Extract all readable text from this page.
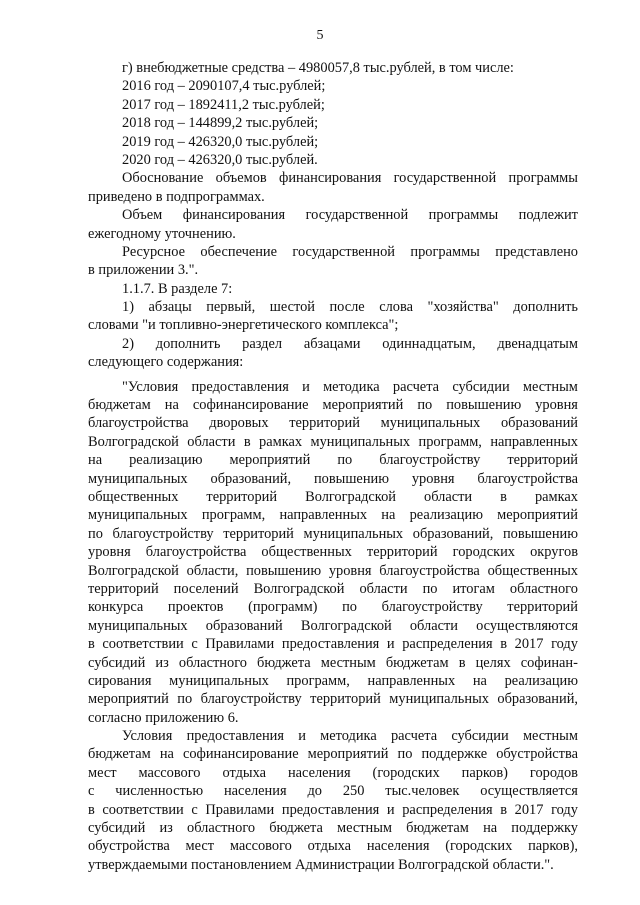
5
г) внебюджетные средства – 4980057,8 тыс.рублей, в том числе:
2016 год – 2090107,4 тыс.рублей;
2017 год – 1892411,2 тыс.рублей;
2018 год – 144899,2 тыс.рублей;
2019 год – 426320,0 тыс.рублей;
2020 год – 426320,0 тыс.рублей.
Обоснование объемов финансирования государственной программы
приведено в подпрограммах.
Объем финансирования государственной программы подлежит
ежегодному уточнению.
Ресурсное обеспечение государственной программы представлено
в приложении 3.".
1.1.7. В разделе 7:
1) абзацы первый, шестой после слова "хозяйства" дополнить
словами "и топливно-энергетического комплекса";
2) дополнить раздел абзацами одиннадцатым, двенадцатым
следующего содержания:
"Условия предоставления и методика расчета субсидии местным
бюджетам на софинансирование мероприятий по повышению уровня
благоустройства дворовых территорий муниципальных образований
Волгоградской области в рамках муниципальных программ, направленных
на реализацию мероприятий по благоустройству территорий
муниципальных образований, повышению уровня благоустройства
общественных территорий Волгоградской области в рамках
муниципальных программ, направленных на реализацию мероприятий
по благоустройству территорий муниципальных образований, повышению
уровня благоустройства общественных территорий городских округов
Волгоградской области, повышению уровня благоустройства общественных
территорий поселений Волгоградской области по итогам областного
конкурса проектов (программ) по благоустройству территорий
муниципальных образований Волгоградской области осуществляются
в соответствии с Правилами предоставления и распределения в 2017 году
субсидий из областного бюджета местным бюджетам в целях софинан-
сирования муниципальных программ, направленных на реализацию
мероприятий по благоустройству территорий муниципальных образований,
согласно приложению 6.
Условия предоставления и методика расчета субсидии местным
бюджетам на софинансирование мероприятий по поддержке обустройства
мест массового отдыха населения (городских парков) городов
с численностью населения до 250 тыс.человек осуществляется
в соответствии с Правилами предоставления и распределения в 2017 году
субсидий из областного бюджета местным бюджетам на поддержку
обустройства мест массового отдыха населения (городских парков),
утверждаемыми постановлением Администрации Волгоградской области.".
